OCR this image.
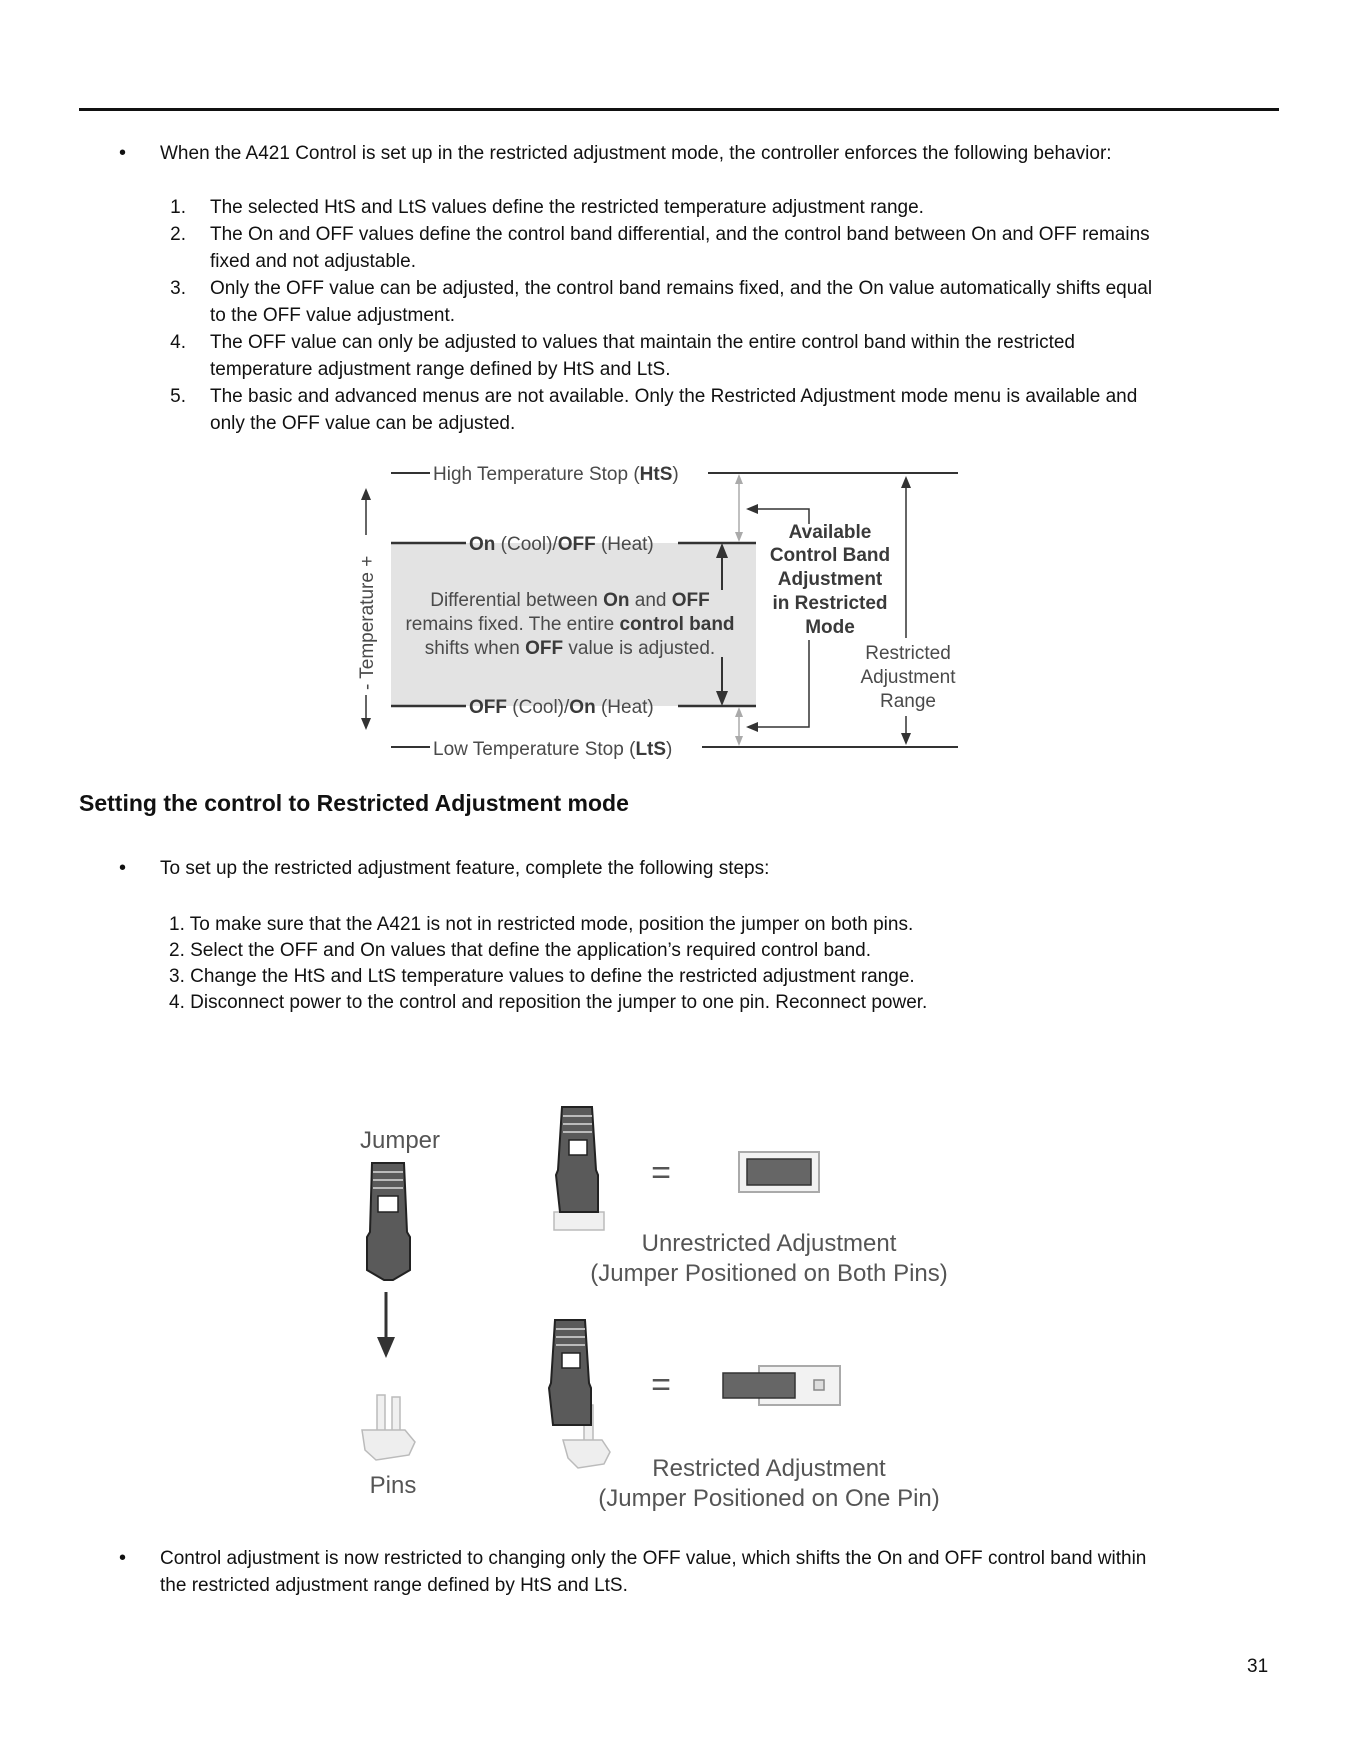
• When the A421 Control is set up in the restricted adjustment mode, the controller enforces the following behavior:
1. The selected HtS and LtS values define the restricted temperature adjustment range.
2. The On and OFF values define the control band differential, and the control band between On and OFF remains
fixed and not adjustable.
3. Only the OFF value can be adjusted, the control band remains fixed, and the On value automatically shifts equal
to the OFF value adjustment.
4. The OFF value can only be adjusted to values that maintain the entire control band within the restricted
temperature adjustment range defined by HtS and LtS.
5. The basic and advanced menus are not available. Only the Restricted Adjustment mode menu is available and
only the OFF value can be adjusted.
High Temperature Stop (HtS)
On (Cool)/OFF (Heat)
OFF (Cool)/On (Heat)
Low Temperature Stop (LtS)
Differential between On and OFF
remains fixed. The entire control band
shifts when OFF value is adjusted.
- Temperature +
Available
Control Band
Adjustment
in Restricted
Mode
Restricted
Adjustment
Range
Setting the control to Restricted Adjustment mode
• To set up the restricted adjustment feature, complete the following steps:
1. To make sure that the A421 is not in restricted mode, position the jumper on both pins.
2. Select the OFF and On values that define the application’s required control band.
3. Change the HtS and LtS temperature values to define the restricted adjustment range.
4. Disconnect power to the control and reposition the jumper to one pin. Reconnect power.
Jumper
Pins
=
Unrestricted Adjustment
(Jumper Positioned on Both Pins)
=
Restricted Adjustment
(Jumper Positioned on One Pin)
• Control adjustment is now restricted to changing only the OFF value, which shifts the On and OFF control band within
the restricted adjustment range defined by HtS and LtS.
31
